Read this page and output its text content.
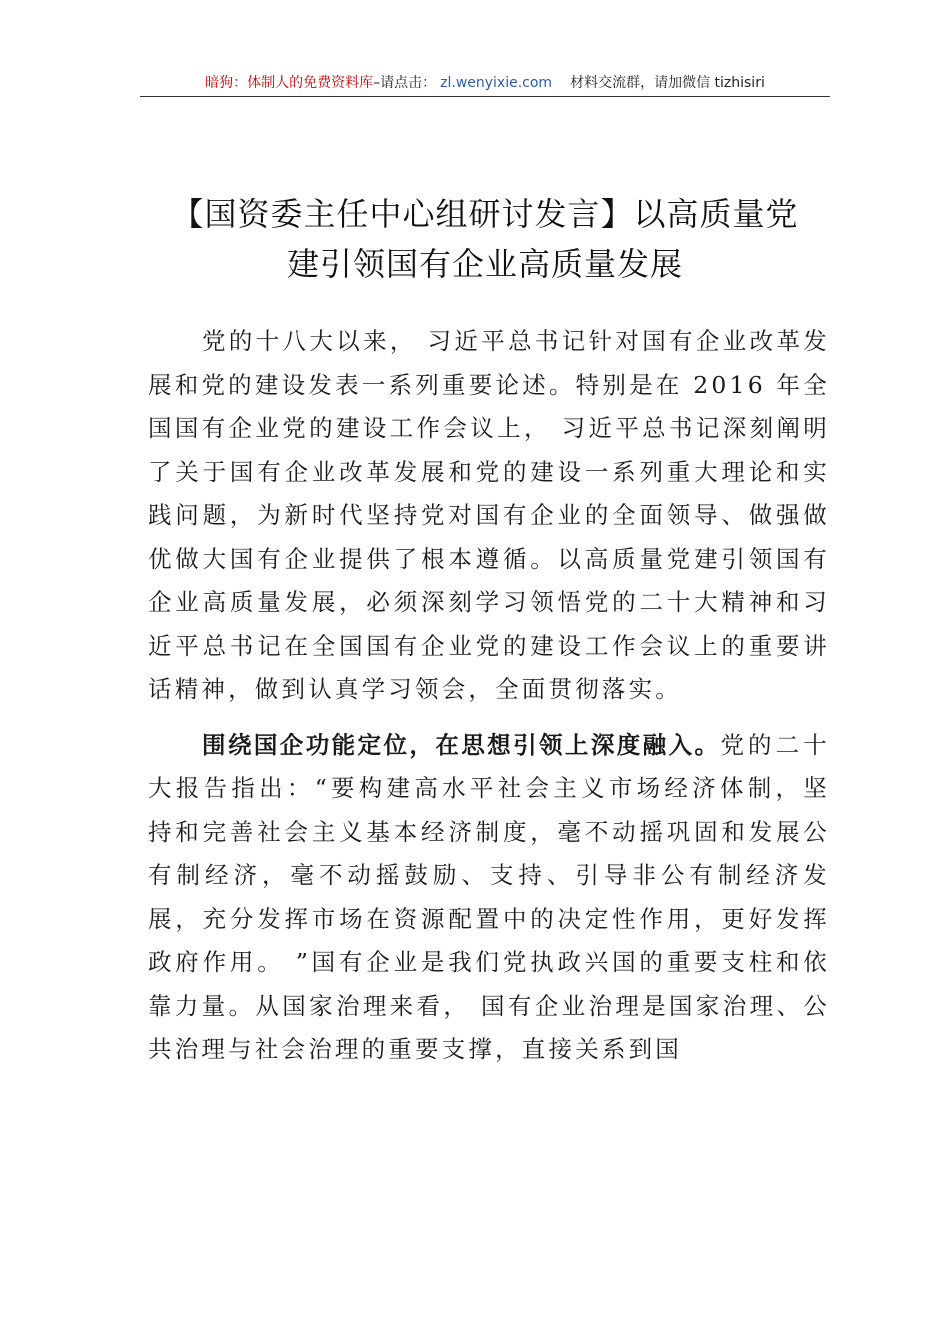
暗狗：体制人的免费资料库–请点击： zl.wenyixie.com 材料交流群，请加微信 tizhisiri
【国资委主任中心组研讨发言】以高质量党
建引领国有企业高质量发展

党的十八大以来， 习近平总书记针对国有企业改革发展和党的建设发表一系列重要论述。特别是在 2016 年全国国有企业党的建设工作会议上， 习近平总书记深刻阐明了关于国有企业改革发展和党的建设一系列重大理论和实践问题，为新时代坚持党对国有企业的全面领导、做强做优做大国有企业提供了根本遵循。以高质量党建引领国有企业高质量发展，必须深刻学习领悟党的二十大精神和习近平总书记在全国国有企业党的建设工作会议上的重要讲话精神，做到认真学习领会，全面贯彻落实。

围绕国企功能定位，在思想引领上深度融入。党的二十大报告指出：“要构建高水平社会主义市场经济体制，坚持和完善社会主义基本经济制度，毫不动摇巩固和发展公有制经济，毫不动摇鼓励、支持、引导非公有制经济发展，充分发挥市场在资源配置中的决定性作用，更好发挥政府作用。 ”国有企业是我们党执政兴国的重要支柱和依靠力量。从国家治理来看， 国有企业治理是国家治理、公共治理与社会治理的重要支撑，直接关系到国
